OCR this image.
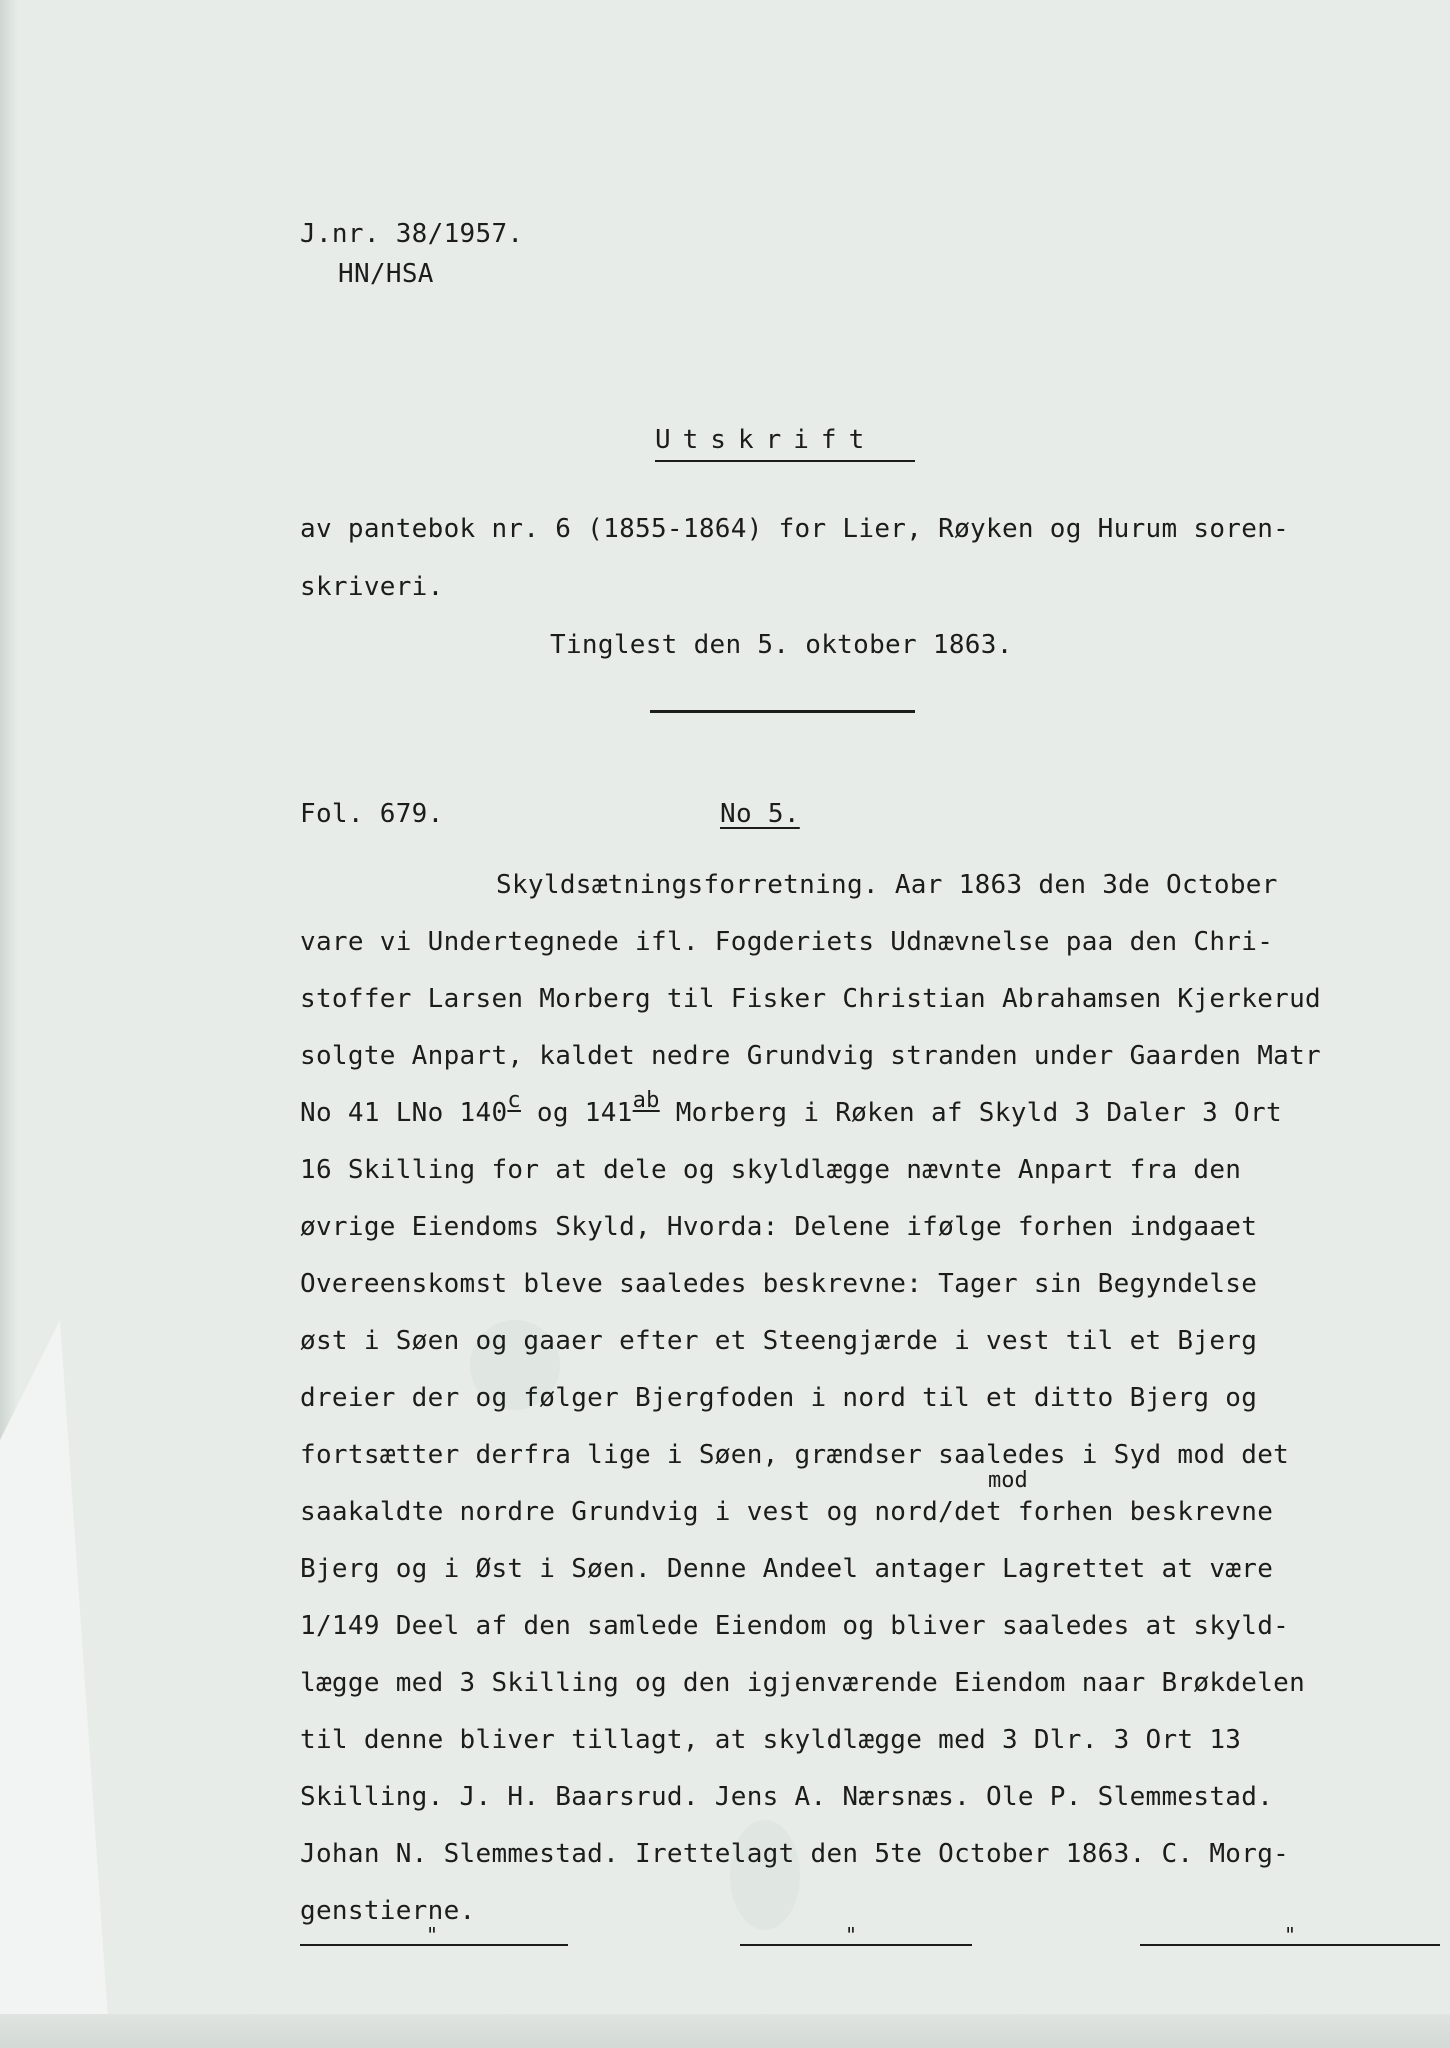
J.nr. 38/1957.
HN/HSA
Utskrift
av pantebok nr. 6 (1855-1864) for Lier, Røyken og Hurum soren-
skriveri.
Tinglest den 5. oktober 1863.
Fol. 679.	No 5.
Skyldsætningsforretning. Aar 1863 den 3de October
vare vi Undertegnede ifl. Fogderiets Udnævnelse paa den Chri-
stoffer Larsen Morberg til Fisker Christian Abrahamsen Kjerkerud
solgte Anpart, kaldet nedre Grundvig stranden under Gaarden Matr
No 41 LNo 140$^c$ og $141^{ab}$ Morberg i Røken af Skyld 3 Daler 3 Ort
16 Skilling for at dele og skyldlægge nævnte Anpart fra den
øvrige Eiendoms Skyld, Hvorda: Delene ifølge forhen indgaaet
Overeenskomst bleve saaledes beskrevne: Tager sin Begyndelse
øst i Søen og gaaer efter et Steengjærde i vest til et Bjerg
dreier der og følger Bjergfoden i nord til et ditto Bjerg og
fortsætter derfra lige i Søen, grændser saaledes i Syd mod det
mod
saakaldte nordre Grundvig i vest og nord/det forhen beskrevne
Bjerg og i Øst i Søen. Denne Andeel antager Lagrettet at være
1/149 Deel af den samlede Eiendom og bliver saaledes at skyld-
lægge med 3 Skilling og den igjenværende Eiendom naar Brøkdelen
til denne bliver tillagt, at skyldlægge med 3 Dlr. 3 Ort 13
Skilling. J. H. Baarsrud. Jens A. Nærsnæs. Ole P. Slemmestad.
Johan N. Slemmestad. Irettelagt den 5te October 1863. C. Morg-
genstierne.
"	"	"
